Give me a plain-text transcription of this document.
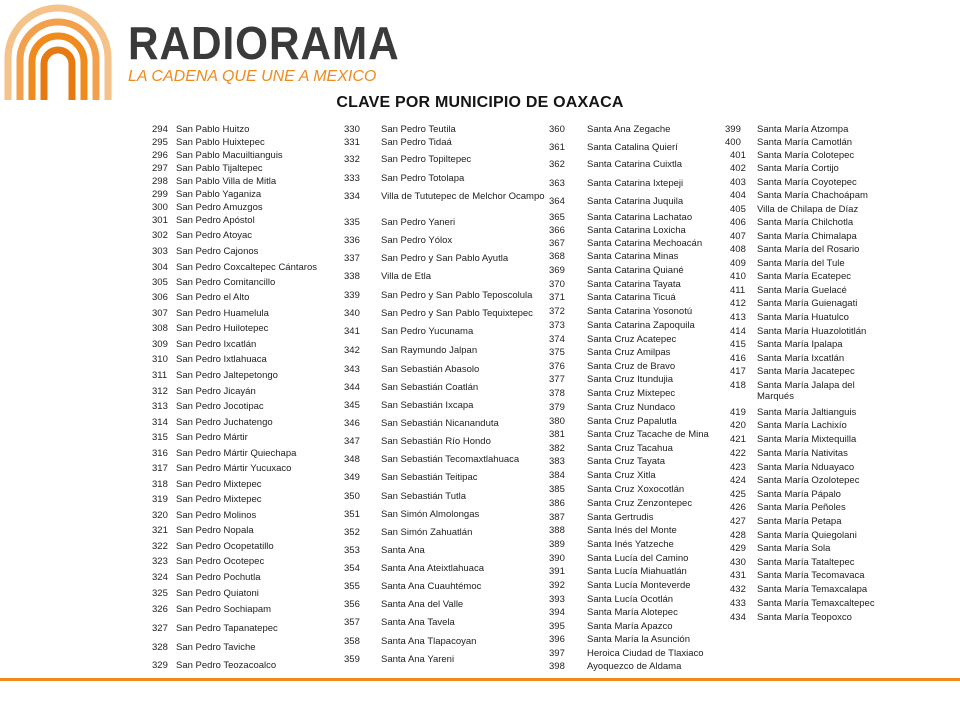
RADIORAMA
LA CADENA QUE UNE A MEXICO
CLAVE POR MUNICIPIO DE OAXACA
294 San Pablo Huitzo
295 San Pablo Huixtepec
296 San Pablo Macuiltianguis
297 San Pablo Tijaltepec
298 San Pablo Villa de Mitla
299 San Pablo Yaganiza
300 San Pedro Amuzgos
301 San Pedro Apóstol
302 San Pedro Atoyac
303 San Pedro Cajonos
304 San Pedro Coxcaltepec Cántaros
305 San Pedro Comitancillo
306 San Pedro el Alto
307 San Pedro Huamelula
308 San Pedro Huilotepec
309 San Pedro Ixcatlán
310 San Pedro Ixtlahuaca
311 San Pedro Jaltepetongo
312 San Pedro Jicayán
313 San Pedro Jocotipac
314 San Pedro Juchatengo
315 San Pedro Mártir
316 San Pedro Mártir Quiechapa
317 San Pedro Mártir Yucuxaco
318 San Pedro Mixtepec
319 San Pedro Mixtepec
320 San Pedro Molinos
321 San Pedro Nopala
322 San Pedro Ocopetatillo
323 San Pedro Ocotepec
324 San Pedro Pochutla
325 San Pedro Quiatoni
326 San Pedro Sochiapam
327 San Pedro Tapanatepec
328 San Pedro Taviche
329 San Pedro Teozacoalco
330 San Pedro Teutila
331 San Pedro Tidaá
332 San Pedro Topiltepec
333 San Pedro Totolapa
334 Villa de Tututepec de Melchor Ocampo
335 San Pedro Yaneri
336 San Pedro Yólox
337 San Pedro y San Pablo Ayutla
338 Villa de Etla
339 San Pedro y San Pablo Teposcolula
340 San Pedro y San Pablo Tequixtepec
341 San Pedro Yucunama
342 San Raymundo Jalpan
343 San Sebastián Abasolo
344 San Sebastián Coatlán
345 San Sebastián Ixcapa
346 San Sebastián Nicananduta
347 San Sebastián Río Hondo
348 San Sebastián Tecomaxtlahuaca
349 San Sebastián Teitipac
350 San Sebastián Tutla
351 San Simón Almolongas
352 San Simón Zahuatlán
353 Santa Ana
354 Santa Ana Ateixtlahuaca
355 Santa Ana Cuauhtémoc
356 Santa Ana del Valle
357 Santa Ana Tavela
358 Santa Ana Tlapacoyan
359 Santa Ana Yareni
360 Santa Ana Zegache
361 Santa Catalina Quierí
362 Santa Catarina Cuixtla
363 Santa Catarina Ixtepeji
364 Santa Catarina Juquila
365 Santa Catarina Lachatao
366 Santa Catarina Loxicha
367 Santa Catarina Mechoacán
368 Santa Catarina Minas
369 Santa Catarina Quiané
370 Santa Catarina Tayata
371 Santa Catarina Ticuá
372 Santa Catarina Yosonotú
373 Santa Catarina Zapoquila
374 Santa Cruz Acatepec
375 Santa Cruz Amilpas
376 Santa Cruz de Bravo
377 Santa Cruz Itundujia
378 Santa Cruz Mixtepec
379 Santa Cruz Nundaco
380 Santa Cruz Papalutla
381 Santa Cruz Tacache de Mina
382 Santa Cruz Tacahua
383 Santa Cruz Tayata
384 Santa Cruz Xitla
385 Santa Cruz Xoxocotlán
386 Santa Cruz Zenzontepec
387 Santa Gertrudis
388 Santa Inés del Monte
389 Santa Inés Yatzeche
390 Santa Lucía del Camino
391 Santa Lucía Miahuatlán
392 Santa Lucía Monteverde
393 Santa Lucía Ocotlán
394 Santa María Alotepec
395 Santa María Apazco
396 Santa María la Asunción
397 Heroica Ciudad de Tlaxiaco
398 Ayoquezco de Aldama
399 Santa María Atzompa
400 Santa María Camotlán
401 Santa María Colotepec
402 Santa María Cortijo
403 Santa María Coyotepec
404 Santa María Chachoápam
405 Villa de Chilapa de Díaz
406 Santa María Chilchotla
407 Santa María Chimalapa
408 Santa María del Rosario
409 Santa María del Tule
410 Santa María Ecatepec
411 Santa María Guelacé
412 Santa María Guienagati
413 Santa María Huatulco
414 Santa María Huazolotitlán
415 Santa María Ipalapa
416 Santa María Ixcatlán
417 Santa María Jacatepec
418 Santa María Jalapa del Marqués
419 Santa María Jaltianguis
420 Santa María Lachixío
421 Santa María Mixtequilla
422 Santa María Nativitas
423 Santa María Nduayaco
424 Santa María Ozolotepec
425 Santa María Pápalo
426 Santa María Peñoles
427 Santa María Petapa
428 Santa María Quiegolani
429 Santa María Sola
430 Santa María Tataltepec
431 Santa María Tecomavaca
432 Santa María Temaxcalapa
433 Santa María Temaxcaltepec
434 Santa María Teopoxco
